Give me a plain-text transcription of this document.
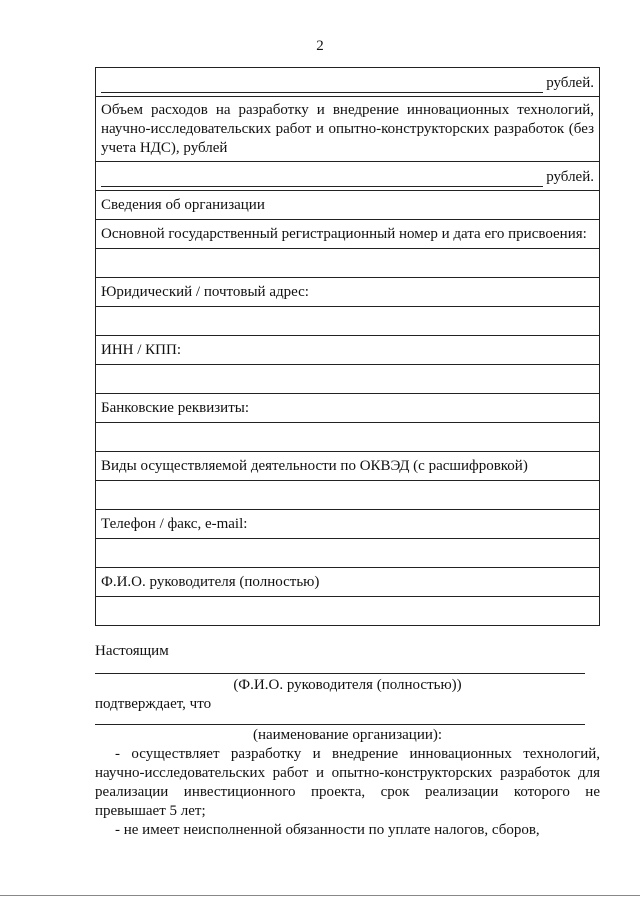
2
рублей.

Объем расходов на разработку и внедрение инновационных технологий, научно-исследовательских работ и опытно-конструкторских разработок (без учета НДС), рублей

рублей.

Сведения об организации
Основной государственный регистрационный номер и дата его присвоения:

Юридический / почтовый адрес:

ИНН / КПП:

Банковские реквизиты:

Виды осуществляемой деятельности по ОКВЭД (с расшифровкой)

Телефон / факс, e-mail:

Ф.И.О. руководителя (полностью)

Настоящим
(Ф.И.О. руководителя (полностью))
подтверждает, что
(наименование организации):

- осуществляет разработку и внедрение инновационных технологий, научно-исследовательских работ и опытно-конструкторских разработок для реализации инвестиционного проекта, срок реализации которого не превышает 5 лет;

- не имеет неисполненной обязанности по уплате налогов, сборов,
